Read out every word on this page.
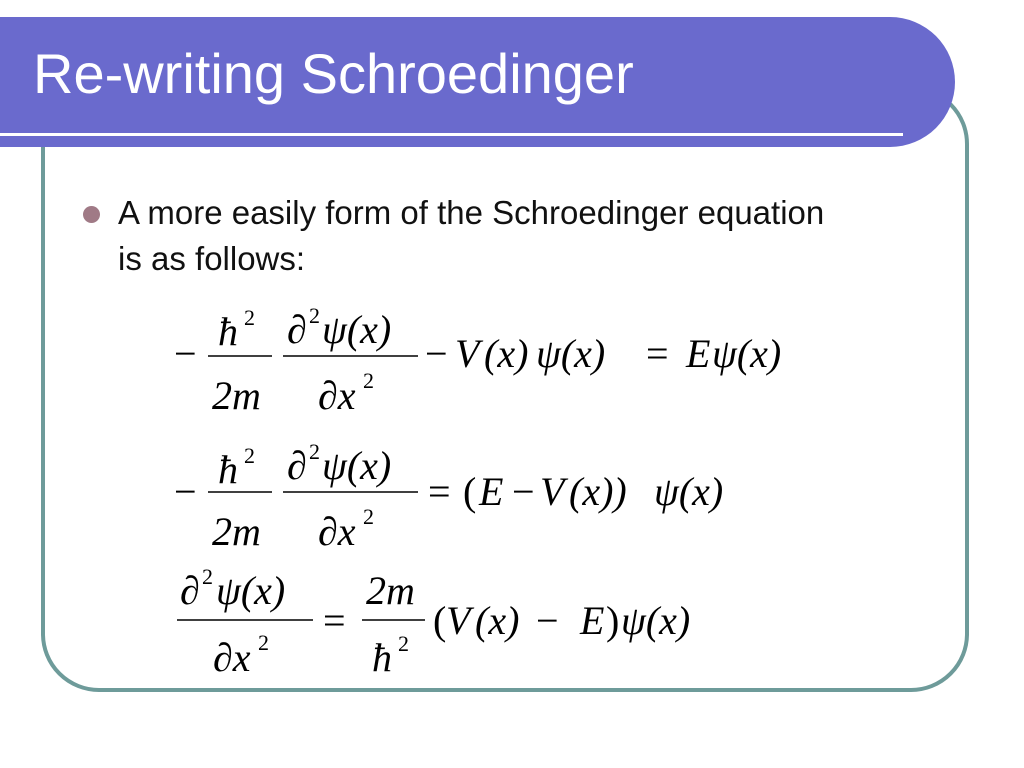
Re-writing Schroedinger

A more easily form of the Schroedinger equation is as follows:

− ħ 2
2m
∂ 2 ψ(x)
∂x 2
− V (x) ψ(x) = E ψ(x)
− ħ 2
2m
∂ 2 ψ(x)
∂x 2
= ( E − V (x)) ψ(x)
∂ 2 ψ(x)
∂x 2 =
2m
ħ 2
( V (x) − E ) ψ(x)
